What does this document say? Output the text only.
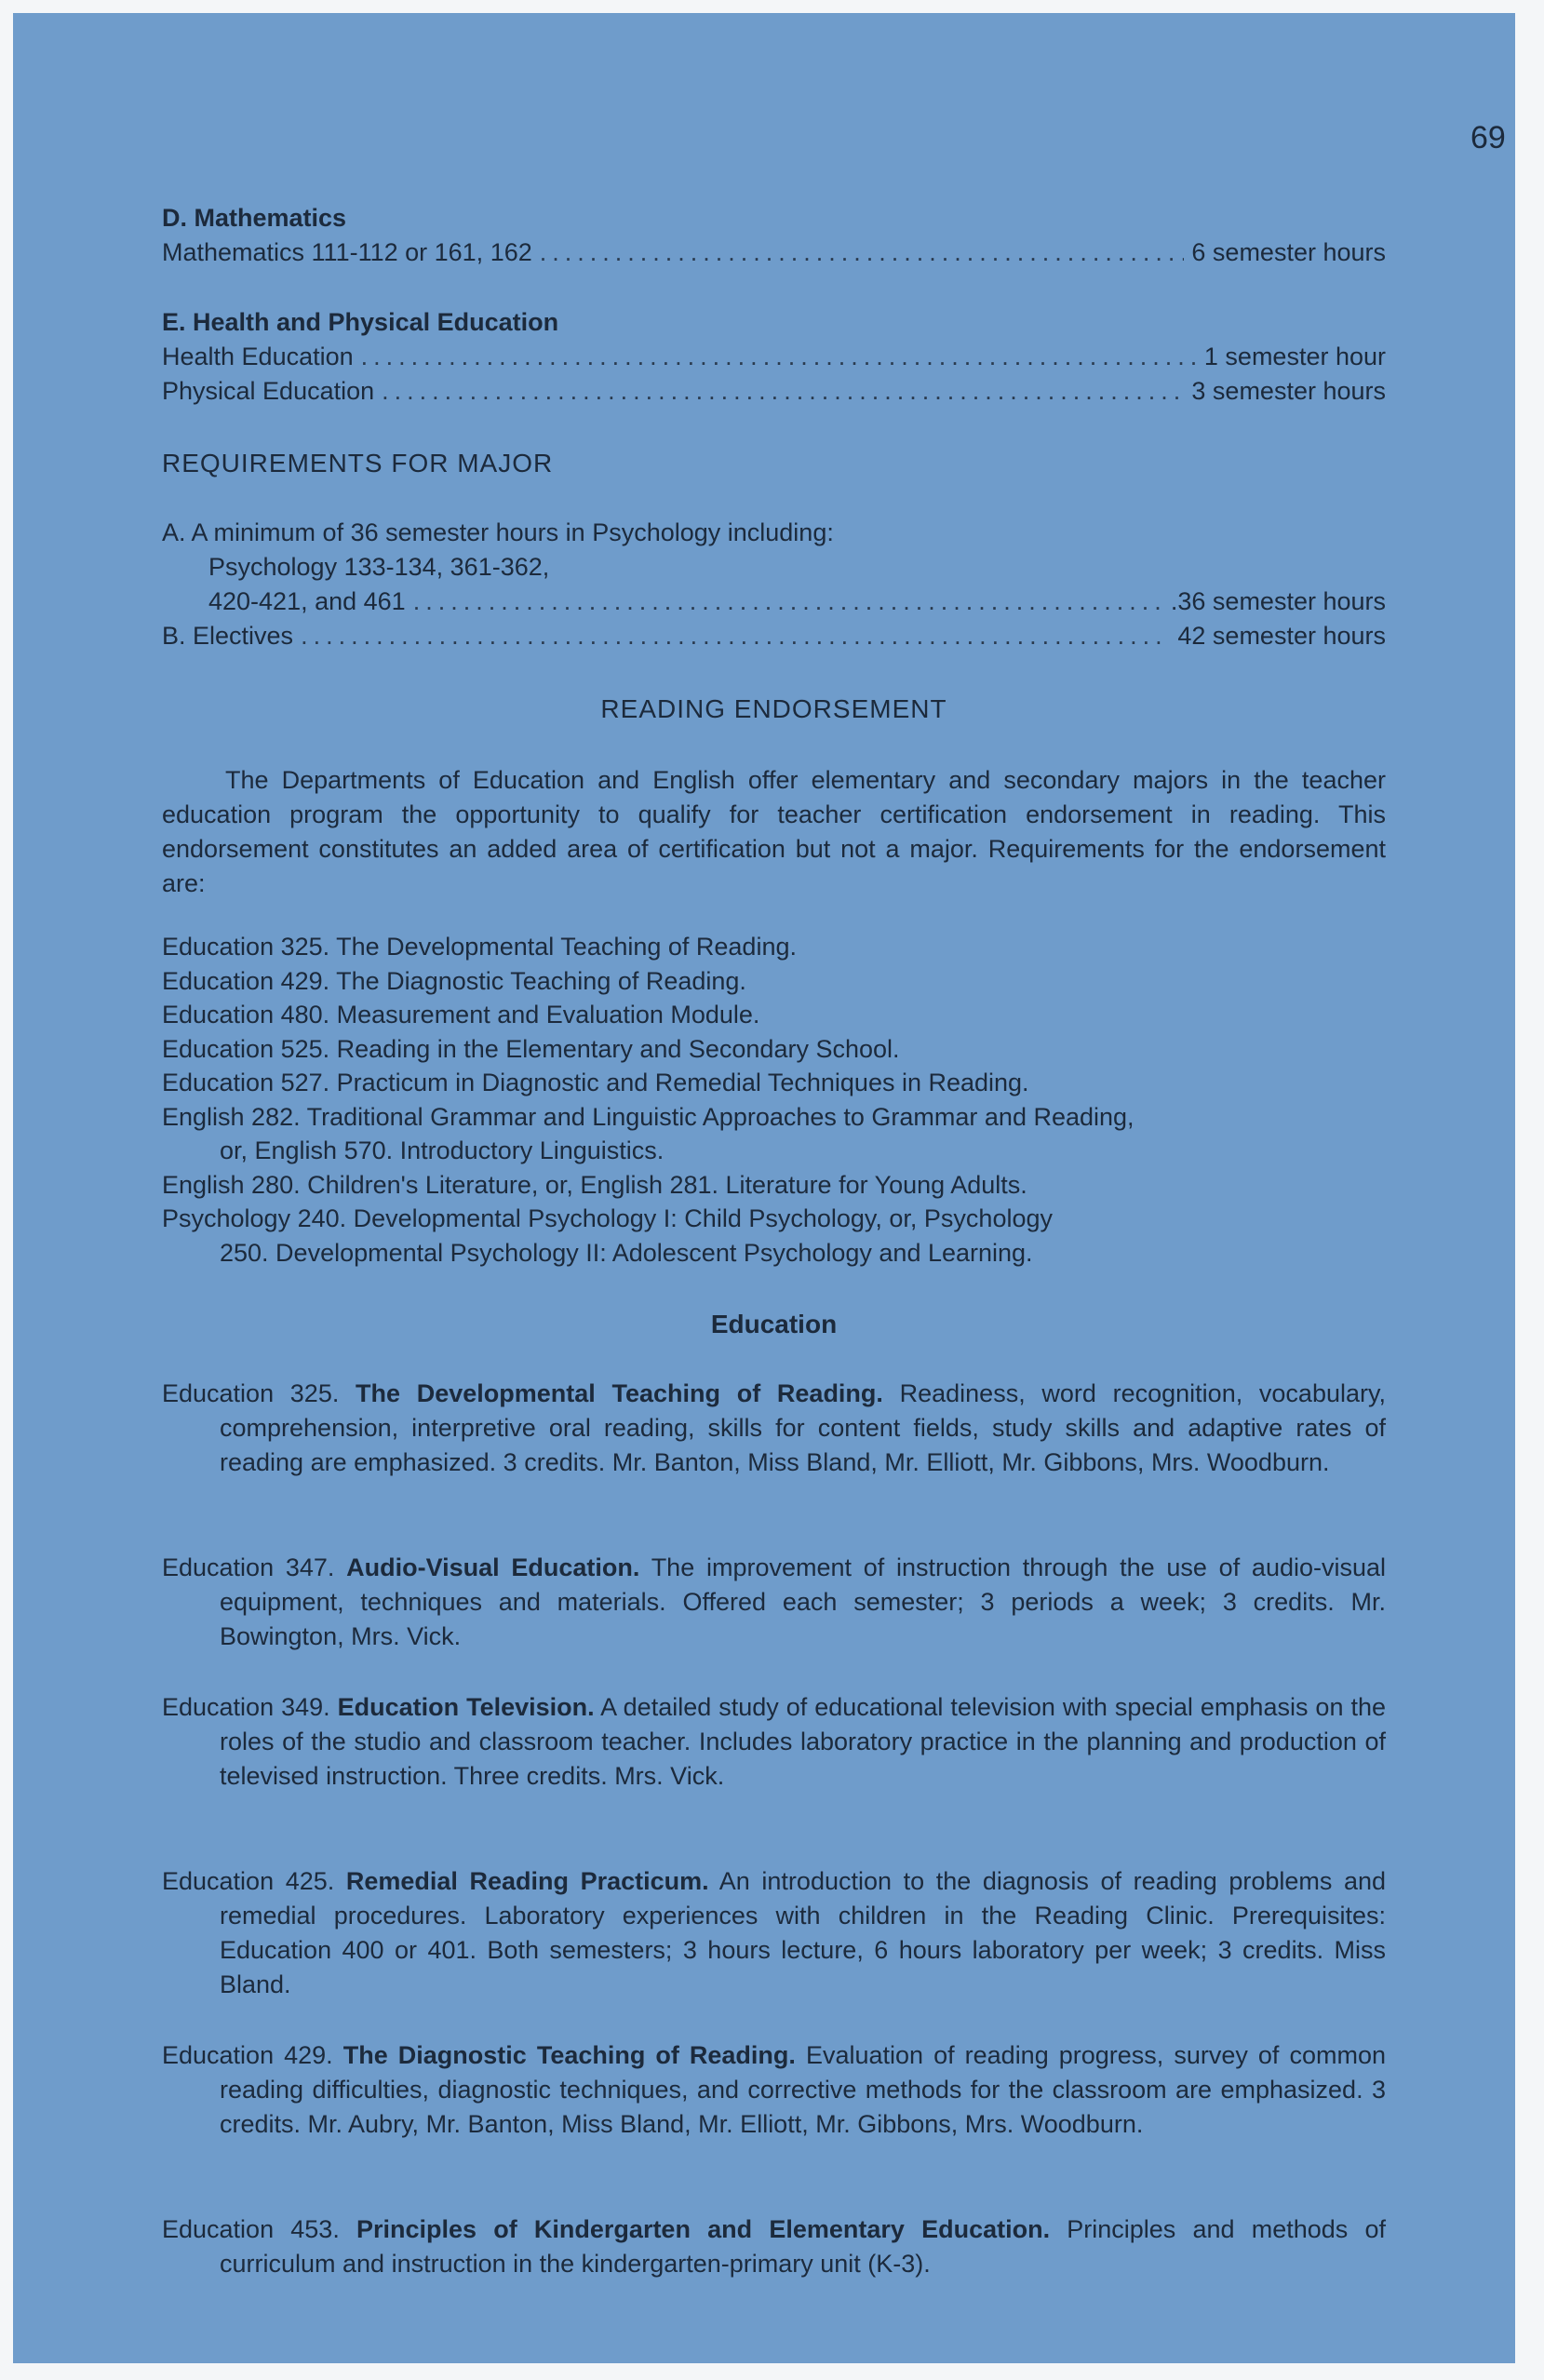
69
D. Mathematics
Mathematics 111-112 or 161, 162 .....	6 semester hours
E. Health and Physical Education
Health Education .....	1 semester hour
Physical Education .....	3 semester hours
REQUIREMENTS FOR MAJOR
A. A minimum of 36 semester hours in Psychology including:
Psychology 133-134, 361-362,
420-421, and 461 .....	.36 semester hours
B. Electives .....	42 semester hours
READING ENDORSEMENT
The Departments of Education and English offer elementary and secondary majors in the teacher education program the opportunity to qualify for teacher certification endorsement in reading. This endorsement constitutes an added area of certification but not a major. Requirements for the endorsement are:
Education 325. The Developmental Teaching of Reading.
Education 429. The Diagnostic Teaching of Reading.
Education 480. Measurement and Evaluation Module.
Education 525. Reading in the Elementary and Secondary School.
Education 527. Practicum in Diagnostic and Remedial Techniques in Reading.
English 282. Traditional Grammar and Linguistic Approaches to Grammar and Reading,
or, English 570. Introductory Linguistics.
English 280. Children's Literature, or, English 281. Literature for Young Adults.
Psychology 240. Developmental Psychology I: Child Psychology, or, Psychology
250. Developmental Psychology II: Adolescent Psychology and Learning.
Education
Education 325. The Developmental Teaching of Reading. Readiness, word recognition, vocabulary, comprehension, interpretive oral reading, skills for content fields, study skills and adaptive rates of reading are emphasized. 3 credits. Mr. Banton, Miss Bland, Mr. Elliott, Mr. Gibbons, Mrs. Woodburn.
Education 347. Audio-Visual Education. The improvement of instruction through the use of audio-visual equipment, techniques and materials. Offered each semester; 3 periods a week; 3 credits. Mr. Bowington, Mrs. Vick.
Education 349. Education Television. A detailed study of educational television with special emphasis on the roles of the studio and classroom teacher. Includes laboratory practice in the planning and production of televised instruction. Three credits. Mrs. Vick.
Education 425. Remedial Reading Practicum. An introduction to the diagnosis of reading problems and remedial procedures. Laboratory experiences with children in the Reading Clinic. Prerequisites: Education 400 or 401. Both semesters; 3 hours lecture, 6 hours laboratory per week; 3 credits. Miss Bland.
Education 429. The Diagnostic Teaching of Reading. Evaluation of reading progress, survey of common reading difficulties, diagnostic techniques, and corrective methods for the classroom are emphasized. 3 credits. Mr. Aubry, Mr. Banton, Miss Bland, Mr. Elliott, Mr. Gibbons, Mrs. Woodburn.
Education 453. Principles of Kindergarten and Elementary Education. Principles and methods of curriculum and instruction in the kindergarten-primary unit (K-3).
